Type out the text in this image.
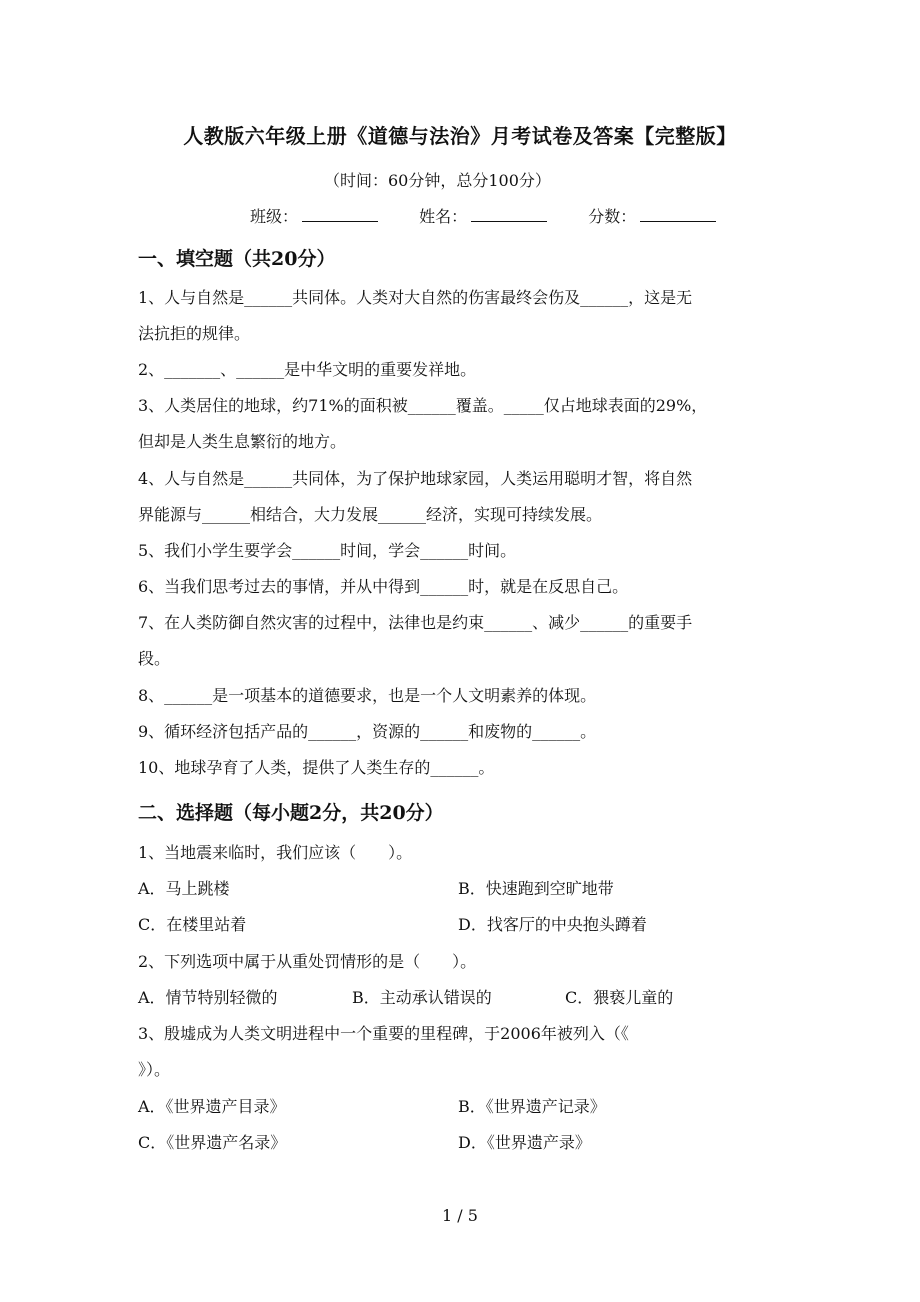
人教版六年级上册《道德与法治》月考试卷及答案【完整版】
（时间：60分钟，总分100分）
班级：	姓名：	分数：
一、填空题（共20分）
1、人与自然是______共同体。人类对大自然的伤害最终会伤及______，这是无
法抗拒的规律。
2、_______、______是中华文明的重要发祥地。
3、人类居住的地球，约71%的面积被______覆盖。_____仅占地球表面的29%，
但却是人类生息繁衍的地方。
4、人与自然是______共同体，为了保护地球家园，人类运用聪明才智，将自然
界能源与______相结合，大力发展______经济，实现可持续发展。
5、我们小学生要学会______时间，学会______时间。
6、当我们思考过去的事情，并从中得到______时，就是在反思自己。
7、在人类防御自然灾害的过程中，法律也是约束______、减少______的重要手
段。
8、______是一项基本的道德要求，也是一个人文明素养的体现。
9、循环经济包括产品的______，资源的______和废物的______。
10、地球孕育了人类，提供了人类生存的______。
二、选择题（每小题2分，共20分）
1、当地震来临时，我们应该（　　）。
A．马上跳楼	B．快速跑到空旷地带
C．在楼里站着	D．找客厅的中央抱头蹲着
2、下列选项中属于从重处罚情形的是（　　）。
A．情节特别轻微的	B．主动承认错误的	C．猥亵儿童的
3、殷墟成为人类文明进程中一个重要的里程碑，于2006年被列入（《
》）。
A．《世界遗产目录》	B．《世界遗产记录》
C．《世界遗产名录》	D．《世界遗产录》
1 / 5
